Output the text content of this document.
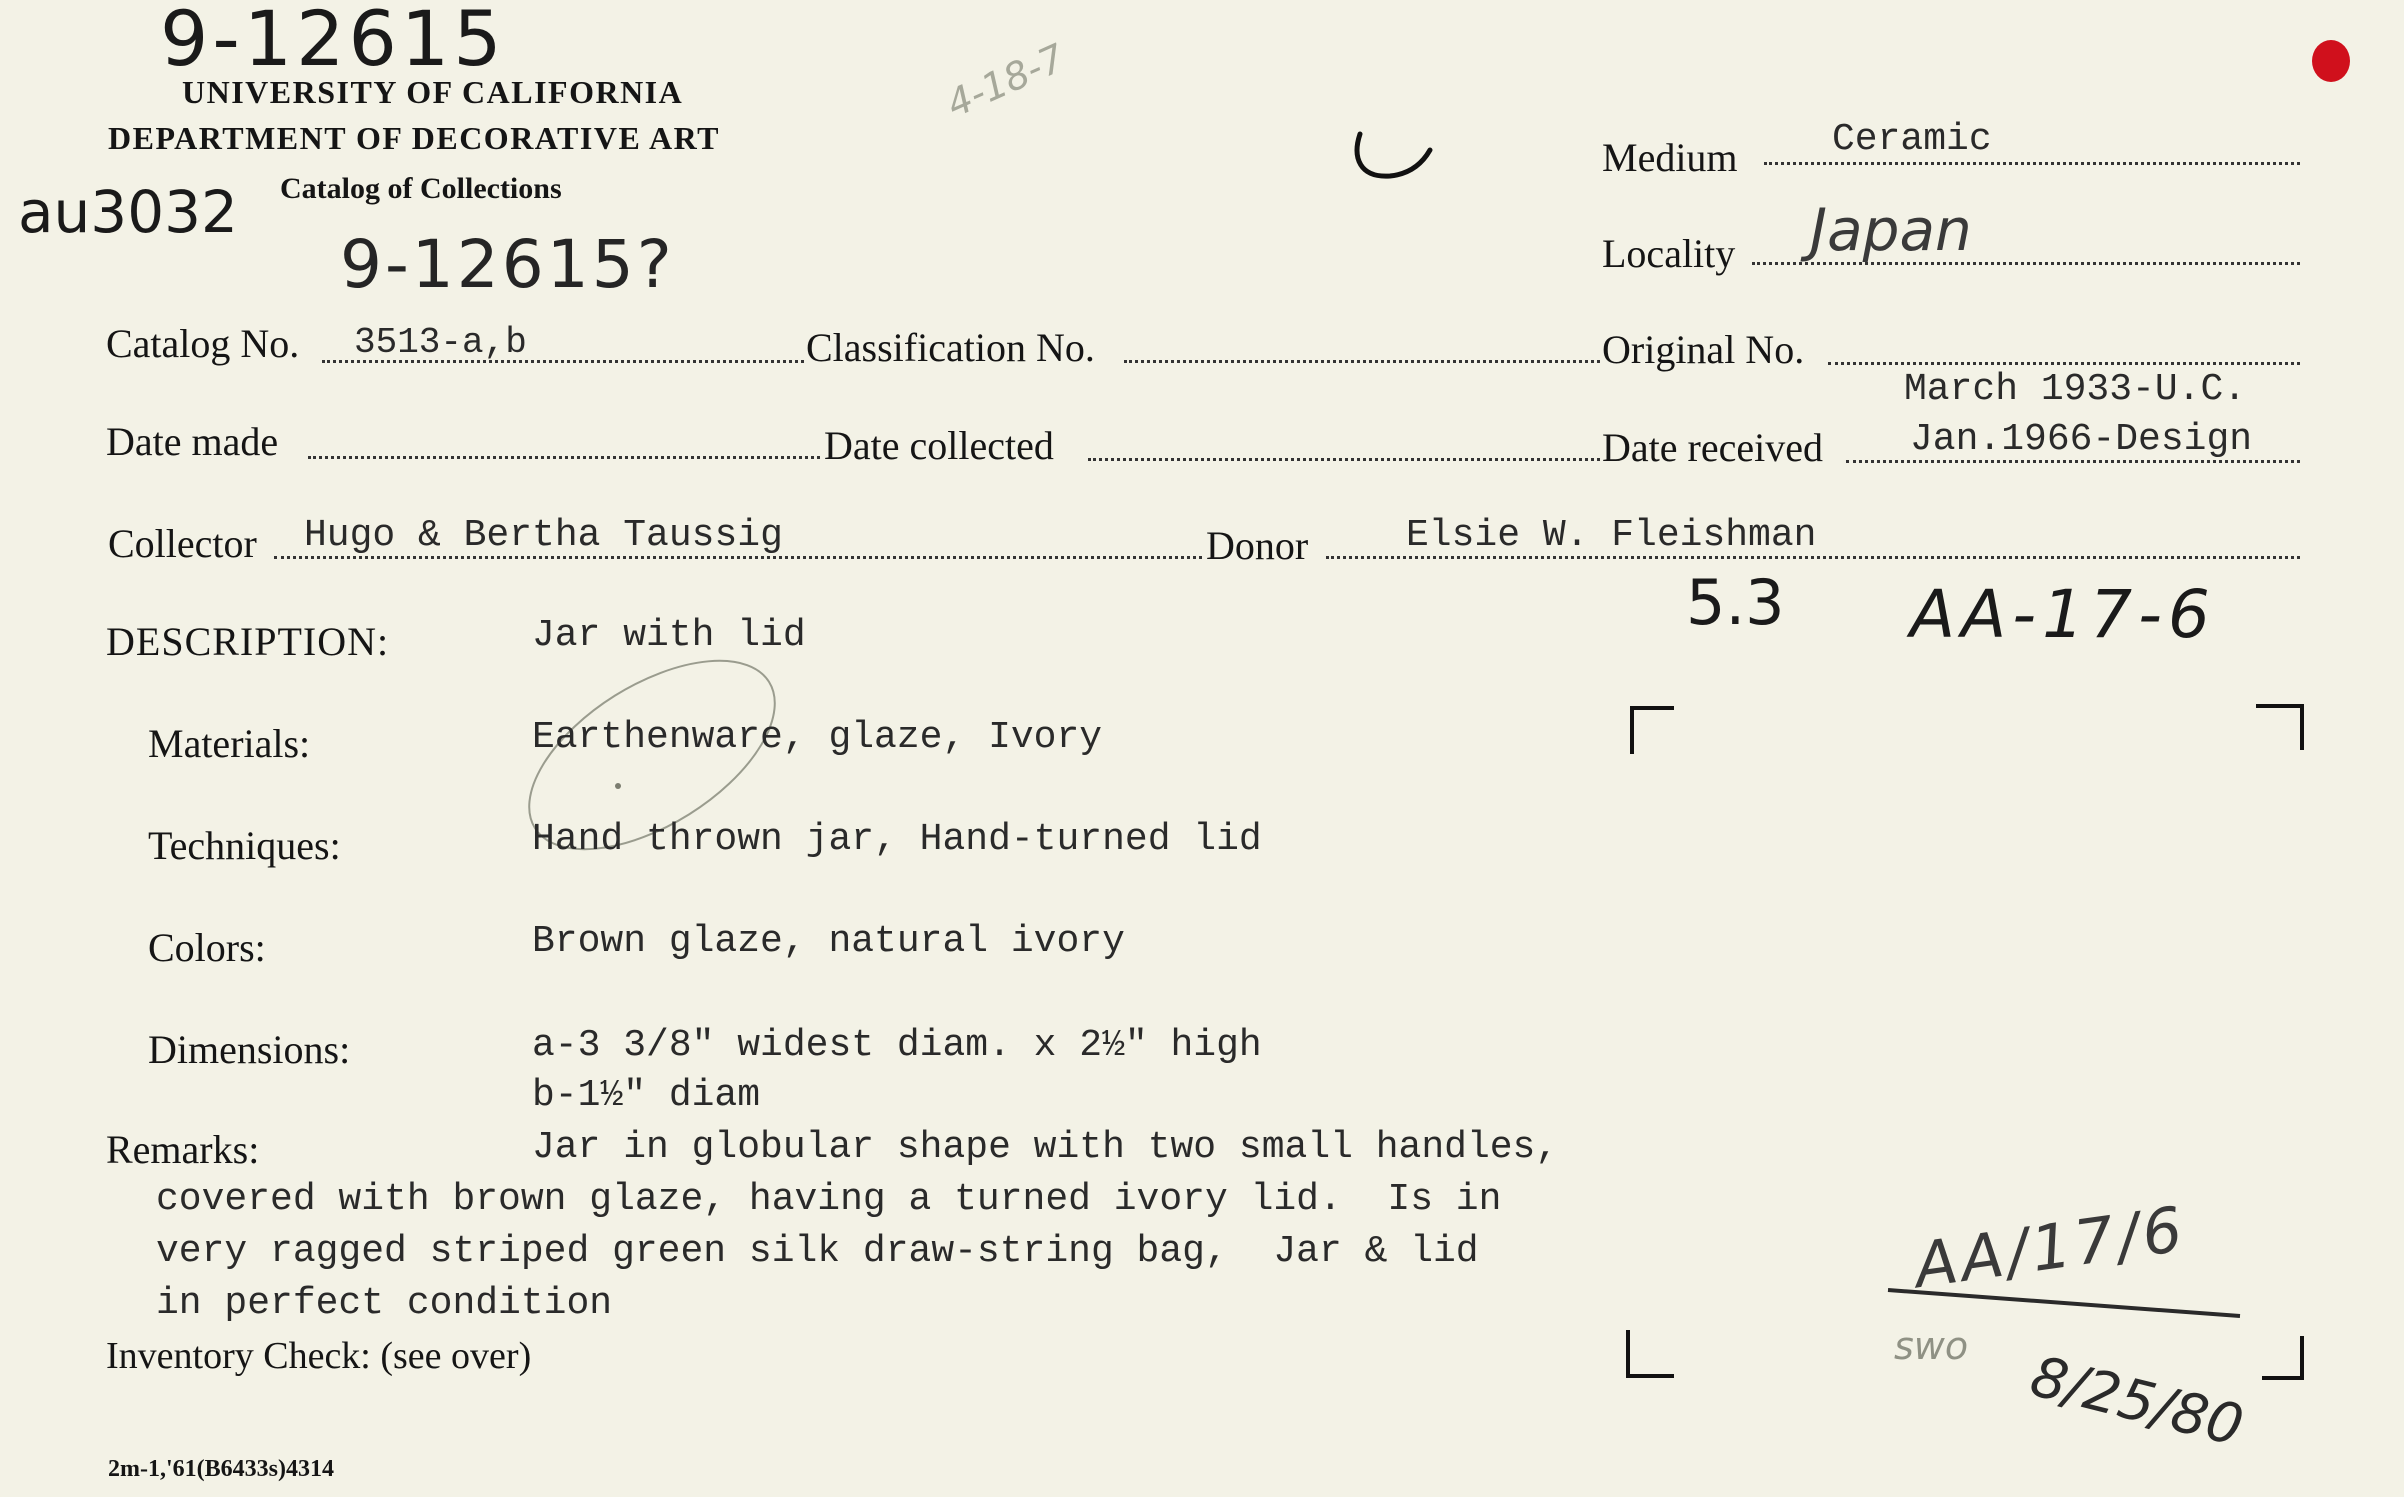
9-12615
UNIVERSITY OF CALIFORNIA
DEPARTMENT OF DECORATIVE ART
Catalog of Collections
au3032
9-12615?
4-18-7
Medium Ceramic
Locality Japan
Catalog No. 3513-a,b	Classification No.	Original No.
Date made	Date collected	Date received
March 1933-U.C.
Jan.1966-Design
Collector Hugo & Bertha Taussig	Donor	Elsie W. Fleishman
5.3 AA-17-6
DESCRIPTION:	Jar with lid
Materials:	Earthenware, glaze, Ivory
Techniques:	Hand thrown jar, Hand-turned lid
Colors:	Brown glaze, natural ivory
Dimensions:	a-3 3/8" widest diam. x 2½" high
b-1½" diam
Remarks:	Jar in globular shape with two small handles,
covered with brown glaze, having a turned ivory lid.  Is in
very ragged striped green silk draw-string bag,  Jar & lid
in perfect condition
Inventory Check: (see over)
AA/17/6
swo 8/25/80
2m-1,'61(B6433s)4314
